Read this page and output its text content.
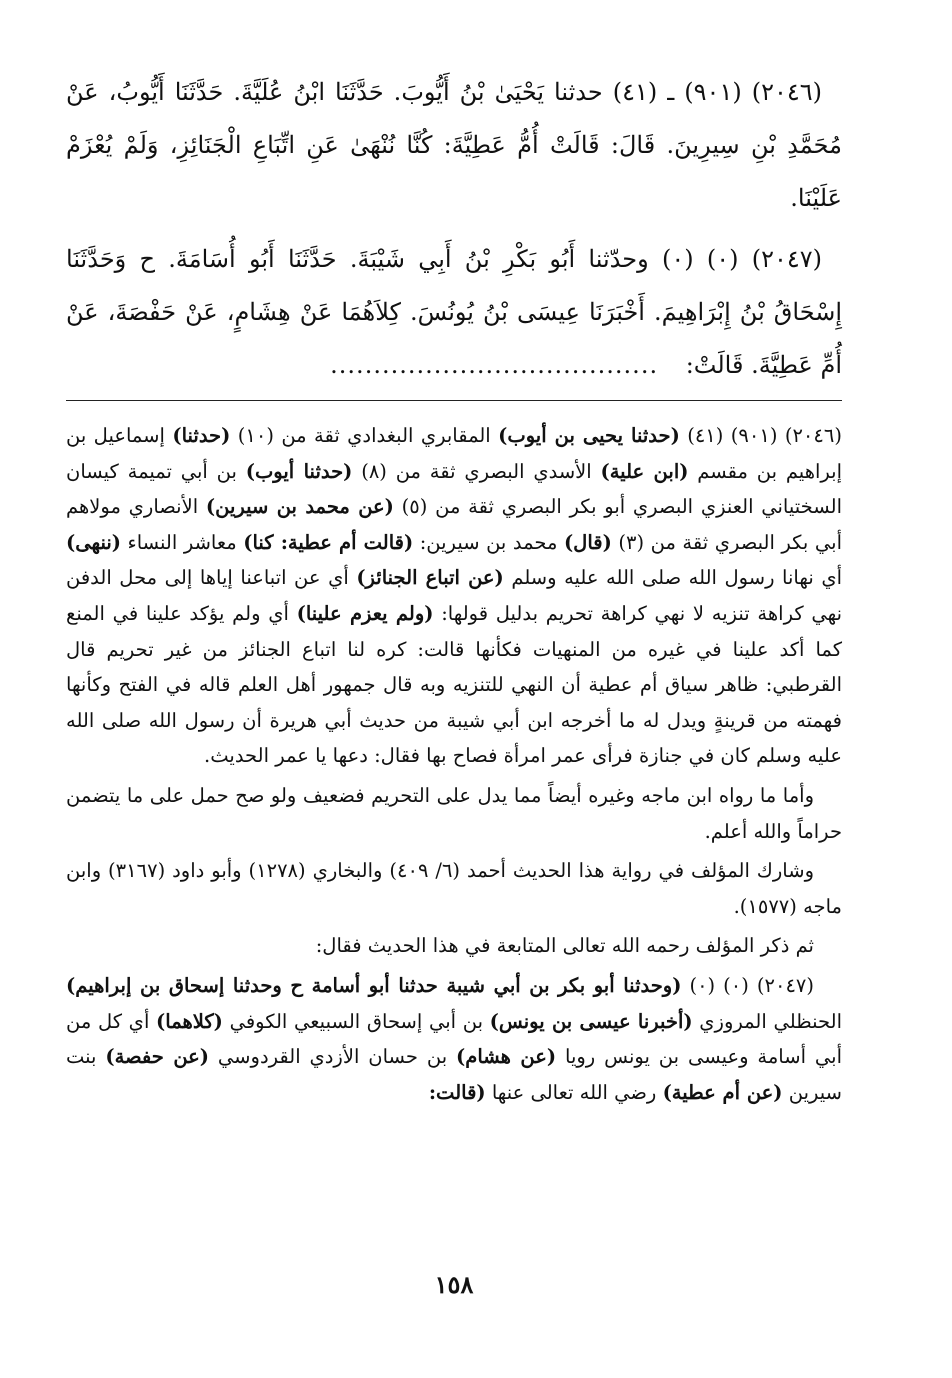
(٢٠٤٦) (٩٠١) ـ (٤١) حدثنا يَحْيَىٰ بْنُ أَيُّوبَ. حَدَّثَنَا ابْنُ عُلَيَّةَ. حَدَّثَنَا أَيُّوبُ، عَنْ مُحَمَّدِ بْنِ سِيرِينَ. قَالَ: قَالَتْ أُمُّ عَطِيَّةَ: كُنَّا نُنْهَىٰ عَنِ اتِّبَاعِ الْجَنَائِزِ، وَلَمْ يُعْزَمْ عَلَيْنَا.

(٢٠٤٧) (٠) (٠) وحدّثنا أَبُو بَكْرِ بْنُ أَبِي شَيْبَةَ. حَدَّثَنَا أَبُو أُسَامَةَ. ح وَحَدَّثَنَا إِسْحَاقُ بْنُ إِبْرَاهِيمَ. أَخْبَرَنَا عِيسَى بْنُ يُونُسَ. كِلاَهُمَا عَنْ هِشَامٍ، عَنْ حَفْصَةَ، عَنْ أُمِّ عَطِيَّةَ. قَالَتْ: ......................................

(٢٠٤٦) (٩٠١) (٤١) (حدثنا يحيى بن أيوب) المقابري البغدادي ثقة من (١٠) (حدثنا) إسماعيل بن إبراهيم بن مقسم (ابن علية) الأسدي البصري ثقة من (٨) (حدثنا أيوب) بن أبي تميمة كيسان السختياني العنزي البصري أبو بكر البصري ثقة من (٥) (عن محمد بن سيرين) الأنصاري مولاهم أبي بكر البصري ثقة من (٣) (قال) محمد بن سيرين: (قالت أم عطية: كنا) معاشر النساء (ننهى) أي نهانا رسول الله صلى الله عليه وسلم (عن اتباع الجنائز) أي عن اتباعنا إياها إلى محل الدفن نهي كراهة تنزيه لا نهي كراهة تحريم بدليل قولها: (ولم يعزم علينا) أي ولم يؤكد علينا في المنع كما أكد علينا في غيره من المنهيات فكأنها قالت: كره لنا اتباع الجنائز من غير تحريم قال القرطبي: ظاهر سياق أم عطية أن النهي للتنزيه وبه قال جمهور أهل العلم قاله في الفتح وكأنها فهمته من قرينةٍ ويدل له ما أخرجه ابن أبي شيبة من حديث أبي هريرة أن رسول الله صلى الله عليه وسلم كان في جنازة فرأى عمر امرأة فصاح بها فقال: دعها يا عمر الحديث.

وأما ما رواه ابن ماجه وغيره أيضاً مما يدل على التحريم فضعيف ولو صح حمل على ما يتضمن حراماً والله أعلم.

وشارك المؤلف في رواية هذا الحديث أحمد (٦/ ٤٠٩) والبخاري (١٢٧٨) وأبو داود (٣١٦٧) وابن ماجه (١٥٧٧).

ثم ذكر المؤلف رحمه الله تعالى المتابعة في هذا الحديث فقال:

(٢٠٤٧) (٠) (٠) (وحدثنا أبو بكر بن أبي شيبة حدثنا أبو أسامة ح وحدثنا إسحاق بن إبراهيم) الحنظلي المروزي (أخبرنا عيسى بن يونس) بن أبي إسحاق السبيعي الكوفي (كلاهما) أي كل من أبي أسامة وعيسى بن يونس رويا (عن هشام) بن حسان الأزدي القردوسي (عن حفصة) بنت سيرين (عن أم عطية) رضي الله تعالى عنها (قالت:

١٥٨
